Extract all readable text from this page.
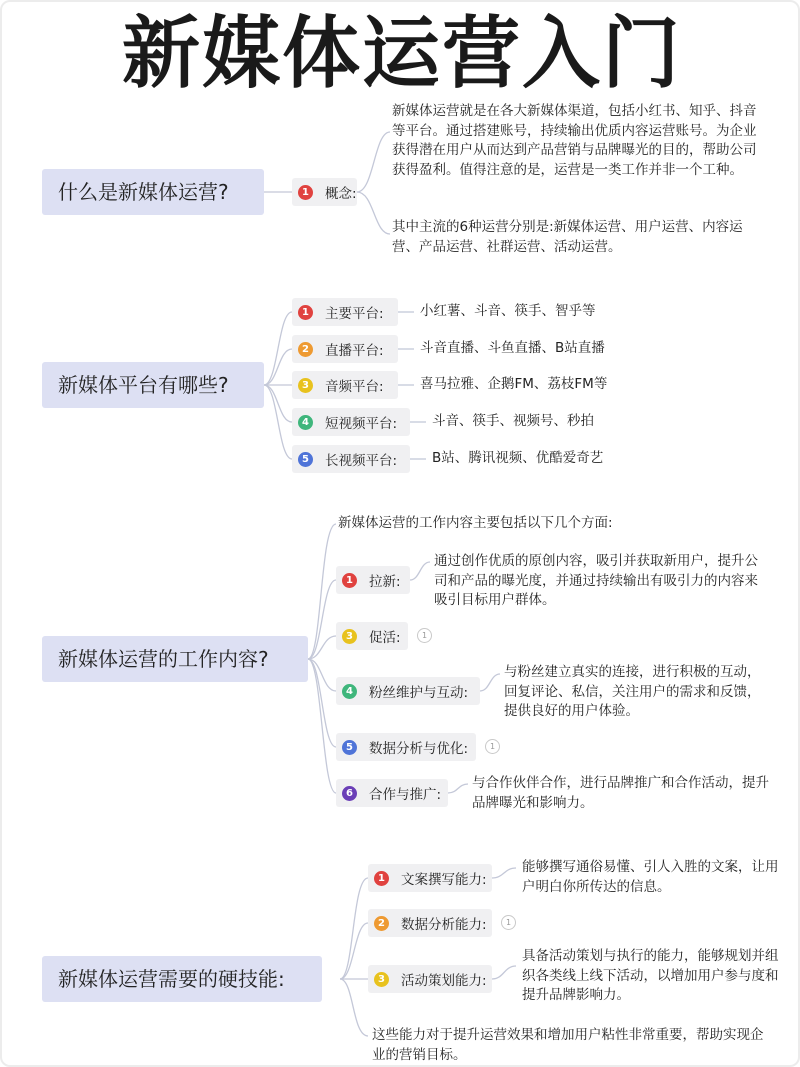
新媒体运营入门
什么是新媒体运营?	1 概念:
新媒体运营就是在各大新媒体渠道，包括小红书、知乎、抖音等平台。通过搭建账号，持续输出优质内容运营账号。为企业获得潜在用户从而达到产品营销与品牌曝光的目的，帮助公司获得盈利。值得注意的是，运营是一类工作并非一个工种。
其中主流的6种运营分别是:新媒体运营、用户运营、内容运营、产品运营、社群运营、活动运营。
新媒体平台有哪些?
1 主要平台:	小红薯、斗音、筷手、智乎等
2 直播平台:	斗音直播、斗鱼直播、B站直播
3 音频平台:	喜马拉雅、企鹅FM、荔枝FM等
4 短视频平台:	斗音、筷手、视频号、秒拍
5 长视频平台:	B站、腾讯视频、优酷爱奇艺
新媒体运营的工作内容?
新媒体运营的工作内容主要包括以下几个方面:
1 拉新:
通过创作优质的原创内容，吸引并获取新用户，提升公司和产品的曝光度，并通过持续输出有吸引力的内容来吸引目标用户群体。
3 促活:	1
4 粉丝维护与互动:
与粉丝建立真实的连接，进行积极的互动，回复评论、私信，关注用户的需求和反馈，提供良好的用户体验。
5 数据分析与优化:	1
6 合作与推广:
与合作伙伴合作，进行品牌推广和合作活动，提升品牌曝光和影响力。
新媒体运营需要的硬技能:
1 文案撰写能力:
能够撰写通俗易懂、引人入胜的文案，让用户明白你所传达的信息。
2 数据分析能力:	1
3 活动策划能力:
具备活动策划与执行的能力，能够规划并组织各类线上线下活动，以增加用户参与度和提升品牌影响力。
这些能力对于提升运营效果和增加用户粘性非常重要，帮助实现企业的营销目标。
